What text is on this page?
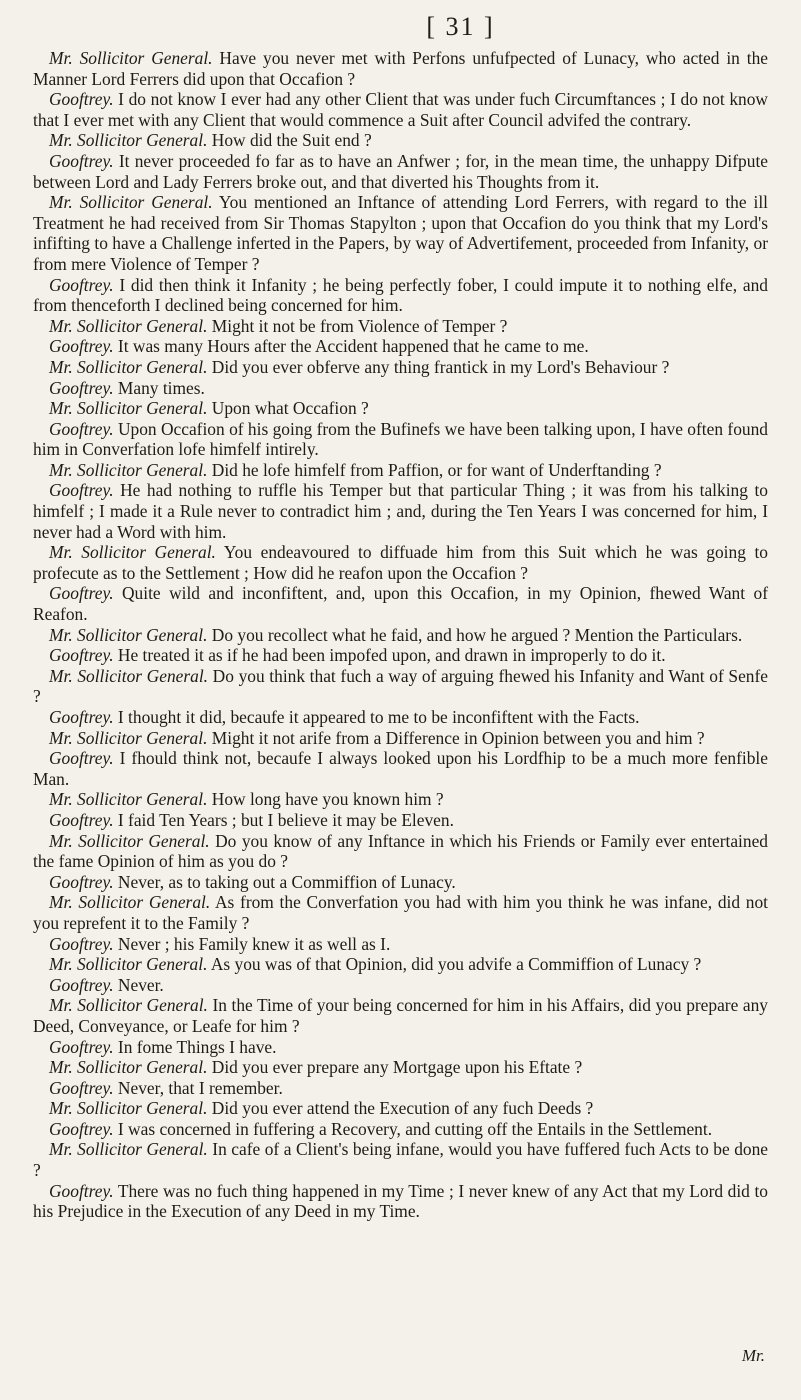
[ 31 ]

Mr. Sollicitor General. Have you never met with Perfons unfufpected of Lunacy, who acted in the Manner Lord Ferrers did upon that Occafion ?

Gooftrey. I do not know I ever had any other Client that was under fuch Circumftances ; I do not know that I ever met with any Client that would commence a Suit after Council advifed the contrary.

Mr. Sollicitor General. How did the Suit end ?

Gooftrey. It never proceeded fo far as to have an Anfwer ; for, in the mean time, the unhappy Difpute between Lord and Lady Ferrers broke out, and that diverted his Thoughts from it.

Mr. Sollicitor General. You mentioned an Inftance of attending Lord Ferrers, with regard to the ill Treatment he had received from Sir Thomas Stapylton ; upon that Occafion do you think that my Lord's infifting to have a Challenge inferted in the Papers, by way of Advertifement, proceeded from Infanity, or from mere Violence of Temper ?

Gooftrey. I did then think it Infanity ; he being perfectly fober, I could impute it to nothing elfe, and from thenceforth I declined being concerned for him.

Mr. Sollicitor General. Might it not be from Violence of Temper ?

Gooftrey. It was many Hours after the Accident happened that he came to me.

Mr. Sollicitor General. Did you ever obferve any thing frantick in my Lord's Behaviour ?

Gooftrey. Many times.

Mr. Sollicitor General. Upon what Occafion ?

Gooftrey. Upon Occafion of his going from the Bufinefs we have been talking upon, I have often found him in Converfation lofe himfelf intirely.

Mr. Sollicitor General. Did he lofe himfelf from Paffion, or for want of Underftanding ?

Gooftrey. He had nothing to ruffle his Temper but that particular Thing ; it was from his talking to himfelf ; I made it a Rule never to contradict him ; and, during the Ten Years I was concerned for him, I never had a Word with him.

Mr. Sollicitor General. You endeavoured to diffuade him from this Suit which he was going to profecute as to the Settlement ; How did he reafon upon the Occafion ?

Gooftrey. Quite wild and inconfiftent, and, upon this Occafion, in my Opinion, fhewed Want of Reafon.

Mr. Sollicitor General. Do you recollect what he faid, and how he argued ? Mention the Particulars.

Gooftrey. He treated it as if he had been impofed upon, and drawn in improperly to do it.

Mr. Sollicitor General. Do you think that fuch a way of arguing fhewed his Infanity and Want of Senfe ?

Gooftrey. I thought it did, becaufe it appeared to me to be inconfiftent with the Facts.

Mr. Sollicitor General. Might it not arife from a Difference in Opinion between you and him ?

Gooftrey. I fhould think not, becaufe I always looked upon his Lordfhip to be a much more fenfible Man.

Mr. Sollicitor General. How long have you known him ?

Gooftrey. I faid Ten Years ; but I believe it may be Eleven.

Mr. Sollicitor General. Do you know of any Inftance in which his Friends or Family ever entertained the fame Opinion of him as you do ?

Gooftrey. Never, as to taking out a Commiffion of Lunacy.

Mr. Sollicitor General. As from the Converfation you had with him you think he was infane, did not you reprefent it to the Family ?

Gooftrey. Never ; his Family knew it as well as I.

Mr. Sollicitor General. As you was of that Opinion, did you advife a Commiffion of Lunacy ?

Gooftrey. Never.

Mr. Sollicitor General. In the Time of your being concerned for him in his Affairs, did you prepare any Deed, Conveyance, or Leafe for him ?

Gooftrey. In fome Things I have.

Mr. Sollicitor General. Did you ever prepare any Mortgage upon his Eftate ?

Gooftrey. Never, that I remember.

Mr. Sollicitor General. Did you ever attend the Execution of any fuch Deeds ?

Gooftrey. I was concerned in fuffering a Recovery, and cutting off the Entails in the Settlement.

Mr. Sollicitor General. In cafe of a Client's being infane, would you have fuffered fuch Acts to be done ?

Gooftrey. There was no fuch thing happened in my Time ; I never knew of any Act that my Lord did to his Prejudice in the Execution of any Deed in my Time.

Mr.
